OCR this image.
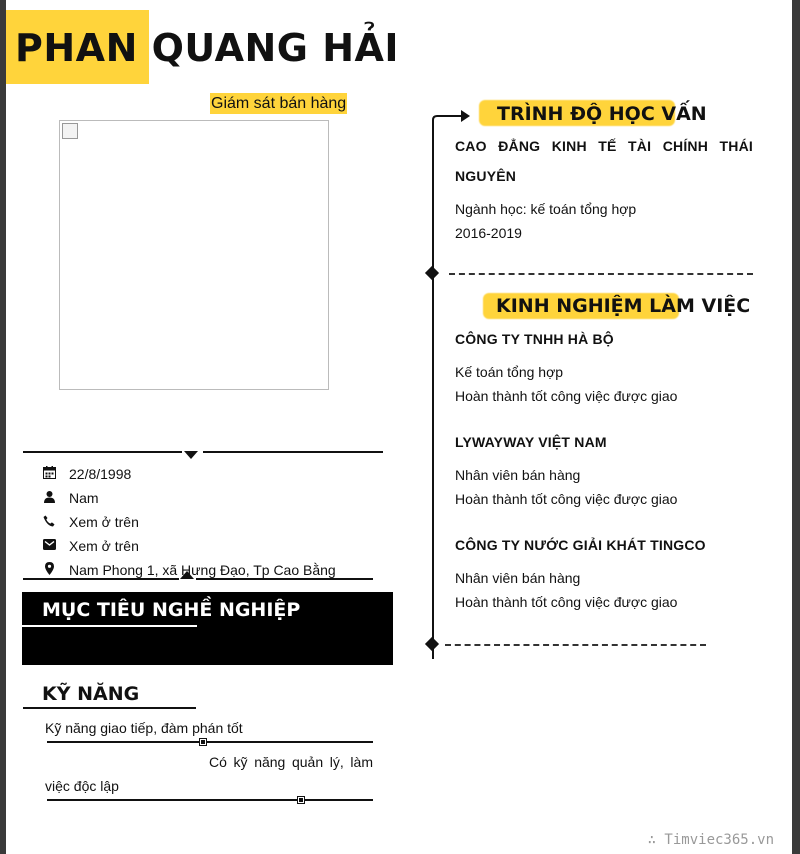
PHAN QUANG HẢI
Giám sát bán hàng
22/8/1998
Nam
Xem ở trên
Xem ở trên
Nam Phong 1, xã Hưng Đạo, Tp Cao Bằng
MỤC TIÊU NGHỀ NGHIỆP
KỸ NĂNG
Kỹ năng giao tiếp, đàm phán tốt
Có kỹ năng quản lý, làm
việc độc lập
TRÌNH ĐỘ HỌC VẤN
CAO ĐẲNG KINH TẾ TÀI CHÍNH THÁI
NGUYÊN
Ngành học: kế toán tổng hợp
2016-2019
KINH NGHIỆM LÀM VIỆC
CÔNG TY TNHH HÀ BỘ
Kế toán tổng hợp
Hoàn thành tốt công việc được giao
LYWAYWAY VIỆT NAM
Nhân viên bán hàng
Hoàn thành tốt công việc được giao
CÔNG TY NƯỚC GIẢI KHÁT TINGCO
Nhân viên bán hàng
Hoàn thành tốt công việc được giao
∴ Timviec365.vn
